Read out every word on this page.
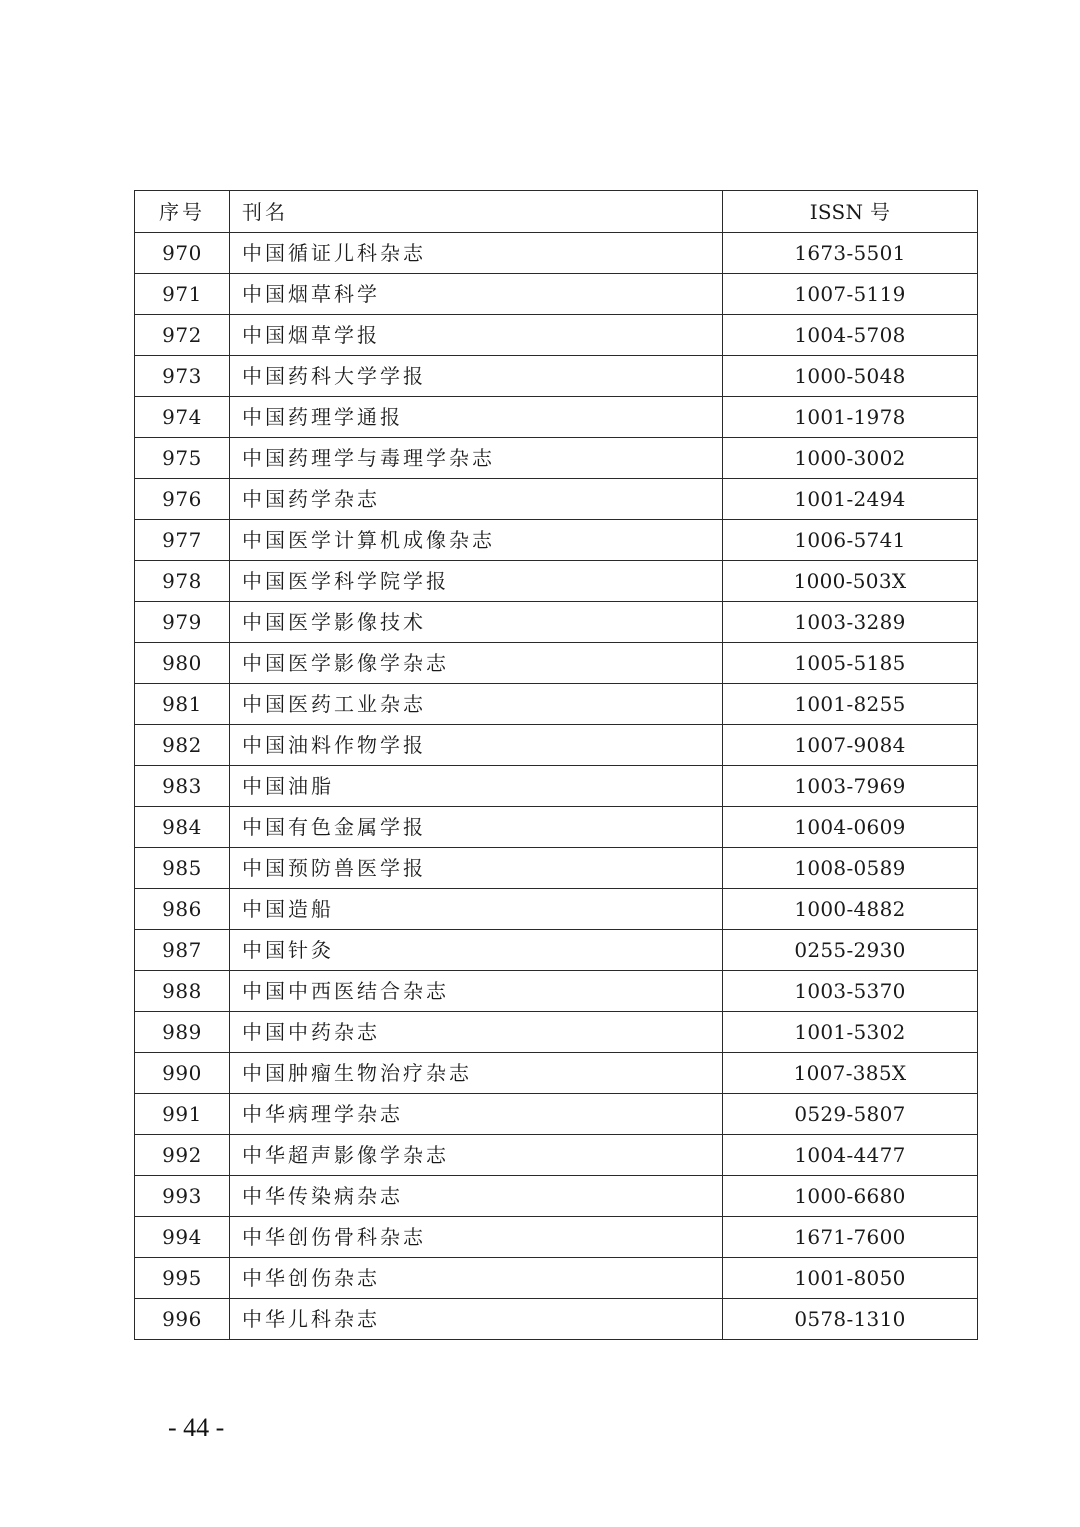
序号	刊名	ISSN 号
970	中国循证儿科杂志	1673-5501
971	中国烟草科学	1007-5119
972	中国烟草学报	1004-5708
973	中国药科大学学报	1000-5048
974	中国药理学通报	1001-1978
975	中国药理学与毒理学杂志	1000-3002
976	中国药学杂志	1001-2494
977	中国医学计算机成像杂志	1006-5741
978	中国医学科学院学报	1000-503X
979	中国医学影像技术	1003-3289
980	中国医学影像学杂志	1005-5185
981	中国医药工业杂志	1001-8255
982	中国油料作物学报	1007-9084
983	中国油脂	1003-7969
984	中国有色金属学报	1004-0609
985	中国预防兽医学报	1008-0589
986	中国造船	1000-4882
987	中国针灸	0255-2930
988	中国中西医结合杂志	1003-5370
989	中国中药杂志	1001-5302
990	中国肿瘤生物治疗杂志	1007-385X
991	中华病理学杂志	0529-5807
992	中华超声影像学杂志	1004-4477
993	中华传染病杂志	1000-6680
994	中华创伤骨科杂志	1671-7600
995	中华创伤杂志	1001-8050
996	中华儿科杂志	0578-1310
- 44 -
